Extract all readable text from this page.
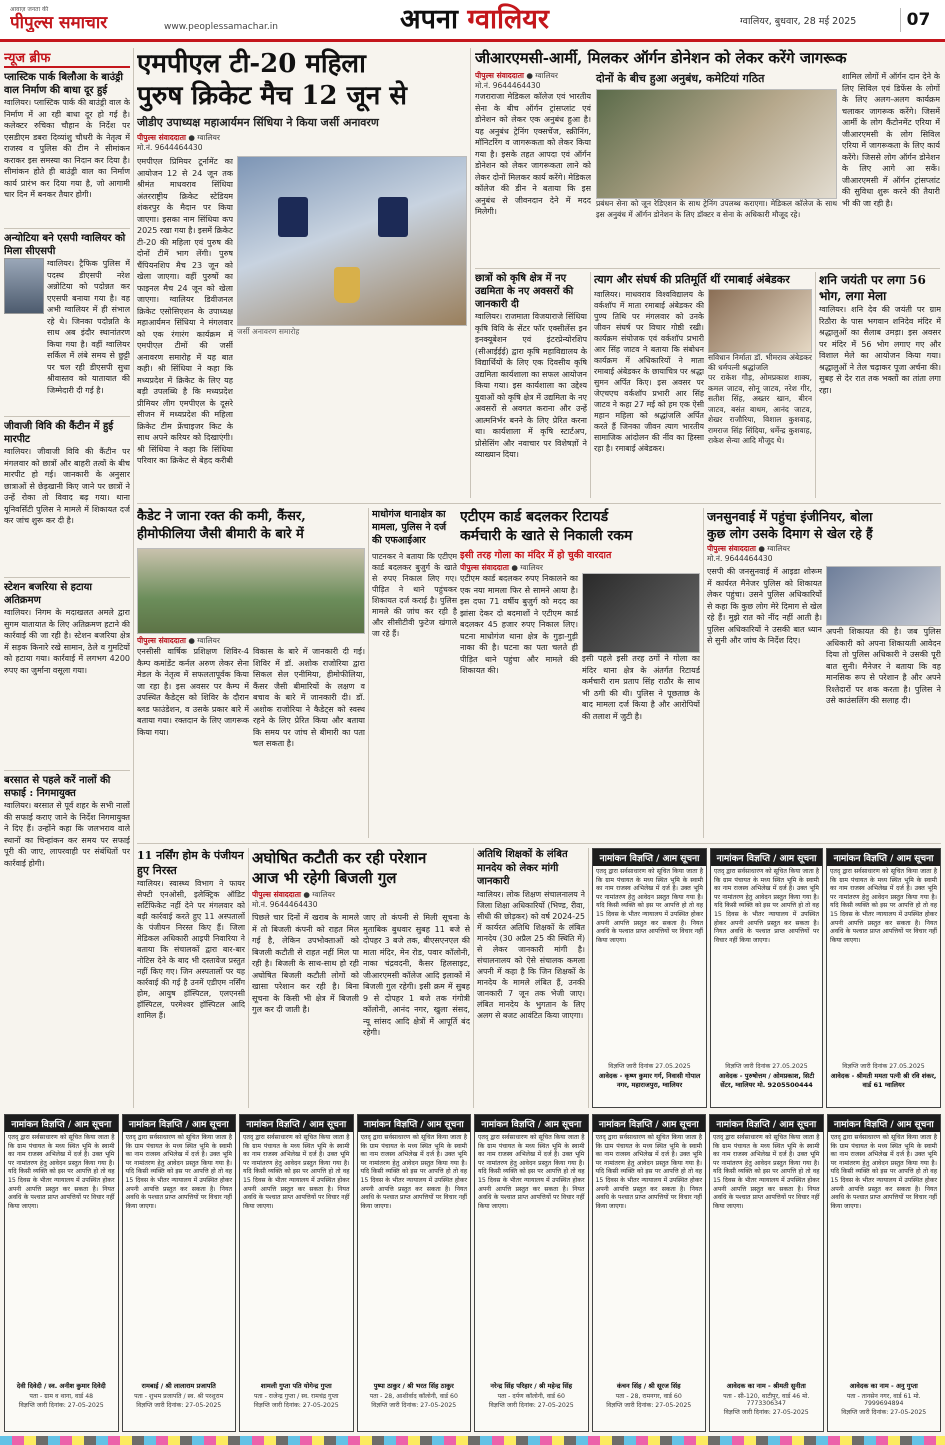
आवाज़ जनता की
पीपुल्स समाचार	www.peoplessamachar.in	अपना ग्वालियर	ग्वालियर, बुधवार, 28 मई 2025	07
न्यूज ब्रीफ
प्लास्टिक पार्क बिलौआ के बाउंड्री वाल निर्माण की बाधा दूर हुई
ग्वालियर। प्लास्टिक पार्क की बाउंड्री वाल के निर्माण में आ रही बाधा दूर हो गई है। कलेक्टर रुचिका चौहान के निर्देश पर एसडीएम डबरा दिव्यांशु चौधरी के नेतृत्व में राजस्व व पुलिस की टीम ने सीमांकन कराकर इस समस्या का निदान कर दिया है। सीमांकन होते ही बाउंड्री वाल का निर्माण कार्य प्रारंभ कर दिया गया है, जो आगामी चार दिन में बनकर तैयार होगी।
अन्योटिया बने एसपी ग्वालियर को मिला सीएसपी
ग्वालियर। ट्रैफिक पुलिस में पदस्थ डीएसपी नरेश अन्नोटिया को पदोन्नत कर एएसपी बनाया गया है। वह अभी ग्वालियर में ही संभाल रहे थे। जिनका पदोन्नति के साथ अब इंदौर स्थानांतरण किया गया है। वहीं ग्वालियर सर्किल में लंबे समय से छुट्टी पर चल रही डीएसपी सुधा श्रीवास्तव को यातायात की जिम्मेदारी दी गई है।
जीवाजी विवि की कैंटीन में हुई मारपीट
ग्वालियर। जीवाजी विवि की कैंटीन पर मंगलवार को छात्रों और बाहरी तत्वों के बीच मारपीट हो गई। जानकारी के अनुसार छात्राओं से छेड़खानी किए जाने पर छात्रों ने उन्हें रोका तो विवाद बढ़ गया। थाना यूनिवर्सिटी पुलिस ने मामले में शिकायत दर्ज कर जांच शुरू कर दी है।
स्टेशन बजरिया से हटाया अतिक्रमण
ग्वालियर। निगम के मदाखलत अमले द्वारा सुगम यातायात के लिए अतिक्रमण हटाने की कार्रवाई की जा रही है। स्टेशन बजरिया क्षेत्र में सड़क किनारे रखे सामान, ठेले व गुमटियों को हटाया गया। कार्रवाई में लगभग 4200 रुपए का जुर्माना वसूला गया।
बरसात से पहले करें नालों की सफाई : निगमायुक्त
ग्वालियर। बरसात से पूर्व शहर के सभी नालों की सफाई कराए जाने के निर्देश निगमायुक्त ने दिए हैं। उन्होंने कहा कि जलभराव वाले स्थानों का चिन्हांकन कर समय पर सफाई पूरी की जाए, लापरवाही पर संबंधितों पर कार्रवाई होगी।
एमपीएल टी-20 महिला
पुरुष क्रिकेट मैच 12 जून से
जीडीए उपाध्यक्ष महाआर्यमन सिंधिया ने किया जर्सी अनावरण
पीपुल्स संवाददाता ● ग्वालियर
मो.नं. 9644464430
एमपीएल प्रिमियर टूर्नामेंट का आयोजन 12 से 24 जून तक श्रीमंत माधवराव सिंधिया अंतरराष्ट्रीय क्रिकेट स्टेडियम शंकरपुर के मैदान पर किया जाएगा। इसका नाम सिंधिया कप 2025 रखा गया है। इसमें क्रिकेट टी-20 की महिला एवं पुरुष की दोनों टीमें भाग लेंगी। पुरुष चैंपियनशिप मैच 23 जून को खेला जाएगा। वहीं पुरुषों का फाइनल मैच 24 जून को खेला जाएगा। ग्वालियर डिवीजनल क्रिकेट एसोसिएशन के उपाध्यक्ष महाआर्यमन सिंधिया ने मंगलवार को एक रंगारंग कार्यक्रम में एमपीएल टीमों की जर्सी अनावरण समारोह में यह बात कही। श्री सिंधिया ने कहा कि मध्यप्रदेश में क्रिकेट के लिए यह बड़ी उपलब्धि है कि मध्यप्रदेश प्रीमियर लीग एमपीएल के दूसरे सीजन में मध्यप्रदेश की महिला क्रिकेट टीम फ्रेंचाइजर किट के साथ अपने करियर को दिखाएंगी। श्री सिंधिया ने कहा कि सिंधिया परिवार का क्रिकेट से बेहद करीबी
जर्सी अनावरण समारोह
जीआरएमसी-आर्मी, मिलकर ऑर्गन डोनेशन को लेकर करेंगे जागरूक
पीपुल्स संवाददाता ● ग्वालियर
मो.नं. 9644464430
गजराराजा मेडिकल कॉलेज एवं भारतीय सेना के बीच ऑर्गन ट्रांसप्लांट एवं डोनेशन को लेकर एक अनुबंध हुआ है। यह अनुबंध ट्रेनिंग एक्सचेंज, स्क्रीनिंग, मॉनिटरिंग व जागरूकता को लेकर किया गया है। इसके तहत आपदा एवं ऑर्गन डोनेशन को लेकर जागरूकता लाने को लेकर दोनों मिलकर कार्य करेंगे। मेडिकल कॉलेज की डीन ने बताया कि इस अनुबंध से जीवनदान देने में मदद मिलेगी।
दोनों के बीच हुआ अनुबंध, कमेटियां गठित
प्रबंधन सेना को जून रेडिएशन के साथ ट्रेनिंग उपलब्ध कराएगा। मेडिकल कॉलेज के साथ इस अनुबंध में ऑर्गन डोनेशन के लिए डॉक्टर व सेना के अधिकारी मौजूद रहे।
शामिल लोगों में ऑर्गन दान देने के लिए सिविल एवं डिफेंस के लोगों के लिए अलग-अलग कार्यक्रम चलाकर जागरूक करेंगे। जिसमें आर्मी के लोग कैंटोनमेंट एरिया में जीआरएमसी के लोग सिविल एरिया में जागरूकता के लिए कार्य करेंगे। जिससे लोग ऑर्गन डोनेशन के लिए आगे आ सकें। जीआरएमसी में ऑर्गन ट्रांसप्लांट की सुविधा शुरू करने की तैयारी भी की जा रही है।
छात्रों को कृषि क्षेत्र में नए उद्यमिता के नए अवसरों की जानकारी दी
ग्वालियर। राजमाता विजयाराजे सिंधिया कृषि विवि के सेंटर फॉर एक्सीलेंस इन इनक्यूबेशन एवं इंटरप्रेन्योरशिप (सीआईईई) द्वारा कृषि महाविद्यालय के विद्यार्थियों के लिए एक दिवसीय कृषि उद्यमिता कार्यशाला का सफल आयोजन किया गया। इस कार्यशाला का उद्देश्य युवाओं को कृषि क्षेत्र में उद्यमिता के नए अवसरों से अवगत कराना और उन्हें आत्मनिर्भर बनने के लिए प्रेरित करना था। कार्यशाला में कृषि स्टार्टअप, प्रोसेसिंग और नवाचार पर विशेषज्ञों ने व्याख्यान दिया।
त्याग और संघर्ष की प्रतिमूर्ति थीं रमाबाई अंबेडकर
ग्वालियर। माधवराव विश्वविद्यालय के वर्कशॉप में माता रमाबाई अंबेडकर की पुण्य तिथि पर मंगलवार को उनके जीवन संघर्ष पर विचार गोष्ठी रखी। कार्यक्रम संयोजक एवं वर्कशॉप प्रभारी आर सिंह जाटव ने बताया कि संबोधन कार्यक्रम में अधिकारियों ने माता रमाबाई अंबेडकर के छायाचित्र पर श्रद्धा सुमन अर्पित किए। इस अवसर पर जेएचएच वर्कशॉप प्रभारी आर सिंह जाटव ने कहा 27 मई को हम एक ऐसी महान महिला को श्रद्धांजलि अर्पित करते हैं जिनका जीवन त्याग भारतीय सामाजिक आंदोलन की नींव का हिस्सा रहा है। रमाबाई अंबेडकर।
सविधान निर्माता डॉ. भीमराव अंबेडकर की धर्मपत्नी श्रद्धांजलि
पर राकेश गौड़, ओमप्रकाश शाक्य, कमल जाटव, सोनू जाटव, नरेश गीर, सतीश सिंह, अख्तर खान, बीरन जाटव, बसंत बाथम, आनंद जाटव, शेखर राजौरिया, विशाल कुशवाह, रामराज सिंह सिंदिया, धर्मेन्द्र कुशवाह, राकेश सेन्या आदि मौजूद थे।
शनि जयंती पर लगा 56 भोग, लगा मेला
ग्वालियर। शनि देव की जयंती पर ग्राम रिठौरा के पास भगवान शनिदेव मंदिर में श्रद्धालुओं का सैलाब उमड़ा। इस अवसर पर मंदिर में 56 भोग लगाए गए और विशाल मेले का आयोजन किया गया। श्रद्धालुओं ने तेल चढ़ाकर पूजा अर्चना की। सुबह से देर रात तक भक्तों का तांता लगा रहा।
कैडेट ने जाना रक्त की कमी, कैंसर,
हीमोफीलिया जैसी बीमारी के बारे में
पीपुल्स संवाददाता ● ग्वालियर
एनसीसी वार्षिक प्रशिक्षण शिविर-4 कैम्प कमांडेंट कर्नल अरुण लेकर सेना मेडल के नेतृत्व में सफलतापूर्वक किया जा रहा है। इस अवसर पर कैम्प में उपस्थित कैडेट्स को शिविर के दौरान ब्लड फाउंडेशन, व उसके प्रकार बारे में बताया गया। रक्तदान के लिए जागरूक किया गया।
विकास के बारे में जानकारी दी गई। शिविर में डॉ. अशोक राजोरिया द्वारा सिकल सेल एनीमिया, हीमोफीलिया, कैंसर जैसी बीमारियों के लक्षण व बचाव के बारे में जानकारी दी। डॉ. अशोक राजोरिया ने कैडेट्स को स्वस्थ रहने के लिए प्रेरित किया और बताया कि समय पर जांच से बीमारी का पता चल सकता है।
माधोगंज थानाक्षेत्र का मामला, पुलिस ने दर्ज की एफआईआर
पाटनकर ने बताया कि एटीएम कार्ड बदलकर बुजुर्ग के खाते से रुपए निकाल लिए गए। पीड़ित ने थाने पहुंचकर शिकायत दर्ज कराई है। पुलिस मामले की जांच कर रही है और सीसीटीवी फुटेज खंगाले जा रहे हैं।
एटीएम कार्ड बदलकर रिटायर्ड
कर्मचारी के खाते से निकाली रकम
इसी तरह गोला का मंदिर में हो चुकी वारदात
पीपुल्स संवाददाता ● ग्वालियर
एटीएम कार्ड बदलकर रुपए निकालने का एक नया मामला फिर से सामने आया है। इस दफा 71 वर्षीय बुजुर्ग को मदद का झांसा देकर दो बदमाशों ने एटीएम कार्ड बदलकर 45 हजार रुपए निकाल लिए। घटना माधोगंज थाना क्षेत्र के गुड़ा-गुड़ी नाका की है। घटना का पता चलते ही पीड़ित थाने पहुंचा और मामले की शिकायत की।
इसी पहले इसी तरह ठगों ने गोला का मंदिर थाना क्षेत्र के अंतर्गत रिटायर्ड कर्मचारी राम प्रताप सिंह राठौर के साथ भी ठगी की थी। पुलिस ने पूछताछ के बाद मामला दर्ज किया है और आरोपियों की तलाश में जुटी है।
जनसुनवाई में पहुंचा इंजीनियर, बोला
कुछ लोग उसके दिमाग से खेल रहे हैं
पीपुल्स संवाददाता ● ग्वालियर
मो.नं. 9644464430
एसपी की जनसुनवाई में आइडा शोरूम में कार्यरत मैनेजर पुलिस को शिकायत लेकर पहुंचा। उसने पुलिस अधिकारियों से कहा कि कुछ लोग मेरे दिमाग से खेल रहे हैं। मुझे रात को नींद नहीं आती है। पुलिस अधिकारियों ने उसकी बात ध्यान से सुनी और जांच के निर्देश दिए।
अपनी शिकायत की है। जब पुलिस अधिकारी को अपना शिकायती आवेदन दिया तो पुलिस अधिकारी ने उसकी पूरी बात सुनी। मैनेजर ने बताया कि वह मानसिक रूप से परेशान है और अपने रिश्तेदारों पर शक करता है। पुलिस ने उसे काउंसलिंग की सलाह दी।
11 नर्सिंग होम के पंजीयन हुए निरस्त
ग्वालियर। स्वास्थ्य विभाग ने फायर सेफ्टी एनओसी, इलेक्ट्रिक ऑडिट सर्टिफिकेट नहीं देने पर मंगलवार को बड़ी कार्रवाई करते हुए 11 अस्पतालों के पंजीयन निरस्त किए हैं। जिला मेडिकल अधिकारी आइपी निवारिया ने बताया कि संचालकों द्वारा बार-बार नोटिस देने के बाद भी दस्तावेज प्रस्तुत नहीं किए गए। जिन अस्पतालों पर यह कार्रवाई की गई है उनमें एडीएम नर्सिंग होम, आयुष हॉस्पिटल, एलएनसी हॉस्पिटल, परमेश्वर हॉस्पिटल आदि शामिल हैं।
अघोषित कटौती कर रही परेशान
आज भी रहेगी बिजली गुल
पीपुल्स संवाददाता ● ग्वालियर
मो.नं. 9644464430
पिछले चार दिनों में खराब के मामले में तो बिजली कंपनी को राहत मिल गई है, लेकिन उपभोक्ताओं को बिजली कटौती से राहत नहीं मिल पा रही है। बिजली के साथ-साथ हो रही अघोषित बिजली कटौती लोगों को खासा परेशान कर रही है। बिना सूचना के किसी भी क्षेत्र में बिजली गुल कर दी जाती है।
जाए तो कंपनी से मिली सूचना के मुताबिक बुधवार सुबह 11 बजे से दोपहर 3 बजे तक, बीएसएनएल की माता मंदिर, मेन रोड, पवार कॉलोनी, नाका चंद्रवदनी, कैसर हिलसाइट, जीआरएमसी कॉलेज आदि इलाकों में बिजली गुल रहेगी। इसी क्रम में सुबह 9 से दोपहर 1 बजे तक गंगोत्री कॉलोनी, आनंद नगर, खुला संसद, न्यू सांसद आदि क्षेत्रों में आपूर्ति बंद रहेगी।
अतिथि शिक्षकों के लंबित मानदेय को लेकर मांगी जानकारी
ग्वालियर। लोक शिक्षण संचालनालय ने जिला शिक्षा अधिकारियों (भिण्ड, रीवा, सीधी की छोड़कर) को वर्ष 2024-25 में कार्यरत अतिथि शिक्षकों के लंबित मानदेय (30 अप्रैल 25 की स्थिति में) से लेकर जानकारी मांगी है। संचालनालय को ऐसे संचालक कमला अपनी में कहा है कि जिन शिक्षकों के मानदेय के मामले लंबित हैं, उनकी जानकारी 7 जून तक भेजी जाए। लंबित मानदेय के भुगतान के लिए अलग से बजट आवंटित किया जाएगा।
नामांकन विज्ञप्ति / आम सूचना
एतद् द्वारा सर्वसाधारण को सूचित किया जाता है कि ग्राम पंचायत के मध्य स्थित भूमि के स्वामी का नाम राजस्व अभिलेख में दर्ज है। उक्त भूमि पर नामांतरण हेतु आवेदन प्रस्तुत किया गया है। यदि किसी व्यक्ति को इस पर आपत्ति हो तो वह 15 दिवस के भीतर न्यायालय में उपस्थित होकर अपनी आपत्ति प्रस्तुत कर सकता है। नियत अवधि के पश्चात प्राप्त आपत्तियों पर विचार नहीं किया जाएगा।
विज्ञप्ति जारी दिनांक 27.05.2025
आवेदक - कृष्ण कुमार गर्ग, निवासी गोपाल नगर, महाराजपुरा, ग्वालियर
नामांकन विज्ञप्ति / आम सूचना
एतद् द्वारा सर्वसाधारण को सूचित किया जाता है कि ग्राम पंचायत के मध्य स्थित भूमि के स्वामी का नाम राजस्व अभिलेख में दर्ज है। उक्त भूमि पर नामांतरण हेतु आवेदन प्रस्तुत किया गया है। यदि किसी व्यक्ति को इस पर आपत्ति हो तो वह 15 दिवस के भीतर न्यायालय में उपस्थित होकर अपनी आपत्ति प्रस्तुत कर सकता है। नियत अवधि के पश्चात प्राप्त आपत्तियों पर विचार नहीं किया जाएगा।
विज्ञप्ति जारी दिनांक 27.05.2025
आवेदक - पुरुषोत्तम / ओमप्रकाश, सिटी सेंटर, ग्वालियर मो. 9205500444
नामांकन विज्ञप्ति / आम सूचना
एतद् द्वारा सर्वसाधारण को सूचित किया जाता है कि ग्राम पंचायत के मध्य स्थित भूमि के स्वामी का नाम राजस्व अभिलेख में दर्ज है। उक्त भूमि पर नामांतरण हेतु आवेदन प्रस्तुत किया गया है। यदि किसी व्यक्ति को इस पर आपत्ति हो तो वह 15 दिवस के भीतर न्यायालय में उपस्थित होकर अपनी आपत्ति प्रस्तुत कर सकता है। नियत अवधि के पश्चात प्राप्त आपत्तियों पर विचार नहीं किया जाएगा।
विज्ञप्ति जारी दिनांक 27.05.2025
आवेदक - श्रीमती ममता पत्नी श्री रवि शंकर, वार्ड 61 ग्वालियर
नामांकन विज्ञप्ति / आम सूचना
एतद् द्वारा सर्वसाधारण को सूचित किया जाता है कि ग्राम पंचायत के मध्य स्थित भूमि के स्वामी का नाम राजस्व अभिलेख में दर्ज है। उक्त भूमि पर नामांतरण हेतु आवेदन प्रस्तुत किया गया है। यदि किसी व्यक्ति को इस पर आपत्ति हो तो वह 15 दिवस के भीतर न्यायालय में उपस्थित होकर अपनी आपत्ति प्रस्तुत कर सकता है। नियत अवधि के पश्चात प्राप्त आपत्तियों पर विचार नहीं किया जाएगा।
देवी दिवेदी / स्व. अनीश कुमार दिवेदी
पता - ग्राम व थाना, वार्ड 48
विज्ञप्ति जारी दिनांक: 27-05-2025
नामांकन विज्ञप्ति / आम सूचना
एतद् द्वारा सर्वसाधारण को सूचित किया जाता है कि ग्राम पंचायत के मध्य स्थित भूमि के स्वामी का नाम राजस्व अभिलेख में दर्ज है। उक्त भूमि पर नामांतरण हेतु आवेदन प्रस्तुत किया गया है। यदि किसी व्यक्ति को इस पर आपत्ति हो तो वह 15 दिवस के भीतर न्यायालय में उपस्थित होकर अपनी आपत्ति प्रस्तुत कर सकता है। नियत अवधि के पश्चात प्राप्त आपत्तियों पर विचार नहीं किया जाएगा।
रामबाई / श्री लालाराम प्रजापति
पता - शुभम प्रजापति / स्व. श्री परशुराम
विज्ञप्ति जारी दिनांक: 27-05-2025
नामांकन विज्ञप्ति / आम सूचना
एतद् द्वारा सर्वसाधारण को सूचित किया जाता है कि ग्राम पंचायत के मध्य स्थित भूमि के स्वामी का नाम राजस्व अभिलेख में दर्ज है। उक्त भूमि पर नामांतरण हेतु आवेदन प्रस्तुत किया गया है। यदि किसी व्यक्ति को इस पर आपत्ति हो तो वह 15 दिवस के भीतर न्यायालय में उपस्थित होकर अपनी आपत्ति प्रस्तुत कर सकता है। नियत अवधि के पश्चात प्राप्त आपत्तियों पर विचार नहीं किया जाएगा।
शामली गुप्ता पति योगेन्द्र गुप्ता
पता - राजेन्द्र गुप्ता / स्व. रामचंद्र गुप्ता
विज्ञप्ति जारी दिनांक: 27-05-2025
नामांकन विज्ञप्ति / आम सूचना
एतद् द्वारा सर्वसाधारण को सूचित किया जाता है कि ग्राम पंचायत के मध्य स्थित भूमि के स्वामी का नाम राजस्व अभिलेख में दर्ज है। उक्त भूमि पर नामांतरण हेतु आवेदन प्रस्तुत किया गया है। यदि किसी व्यक्ति को इस पर आपत्ति हो तो वह 15 दिवस के भीतर न्यायालय में उपस्थित होकर अपनी आपत्ति प्रस्तुत कर सकता है। नियत अवधि के पश्चात प्राप्त आपत्तियों पर विचार नहीं किया जाएगा।
पुष्पा ठाकुर / श्री भरत सिंह ठाकुर
पता - 28, आशीर्वाद कॉलोनी, वार्ड 60
विज्ञप्ति जारी दिनांक: 27-05-2025
नामांकन विज्ञप्ति / आम सूचना
एतद् द्वारा सर्वसाधारण को सूचित किया जाता है कि ग्राम पंचायत के मध्य स्थित भूमि के स्वामी का नाम राजस्व अभिलेख में दर्ज है। उक्त भूमि पर नामांतरण हेतु आवेदन प्रस्तुत किया गया है। यदि किसी व्यक्ति को इस पर आपत्ति हो तो वह 15 दिवस के भीतर न्यायालय में उपस्थित होकर अपनी आपत्ति प्रस्तुत कर सकता है। नियत अवधि के पश्चात प्राप्त आपत्तियों पर विचार नहीं किया जाएगा।
नरेन्द्र सिंह परिहार / श्री महेन्द्र सिंह
पता - दर्पण कॉलोनी, वार्ड 60
विज्ञप्ति जारी दिनांक: 27-05-2025
नामांकन विज्ञप्ति / आम सूचना
एतद् द्वारा सर्वसाधारण को सूचित किया जाता है कि ग्राम पंचायत के मध्य स्थित भूमि के स्वामी का नाम राजस्व अभिलेख में दर्ज है। उक्त भूमि पर नामांतरण हेतु आवेदन प्रस्तुत किया गया है। यदि किसी व्यक्ति को इस पर आपत्ति हो तो वह 15 दिवस के भीतर न्यायालय में उपस्थित होकर अपनी आपत्ति प्रस्तुत कर सकता है। नियत अवधि के पश्चात प्राप्त आपत्तियों पर विचार नहीं किया जाएगा।
कंचन सिंह / श्री सूरज सिंह
पता - 28, रामनगर, वार्ड 60
विज्ञप्ति जारी दिनांक: 27-05-2025
नामांकन विज्ञप्ति / आम सूचना
एतद् द्वारा सर्वसाधारण को सूचित किया जाता है कि ग्राम पंचायत के मध्य स्थित भूमि के स्वामी का नाम राजस्व अभिलेख में दर्ज है। उक्त भूमि पर नामांतरण हेतु आवेदन प्रस्तुत किया गया है। यदि किसी व्यक्ति को इस पर आपत्ति हो तो वह 15 दिवस के भीतर न्यायालय में उपस्थित होकर अपनी आपत्ति प्रस्तुत कर सकता है। नियत अवधि के पश्चात प्राप्त आपत्तियों पर विचार नहीं किया जाएगा।
आवेदक का नाम - श्रीमती सुनीता
पता - सी-120, थाटीपुर, वार्ड 46 मो. 7773306347
विज्ञप्ति जारी दिनांक: 27-05-2025
नामांकन विज्ञप्ति / आम सूचना
एतद् द्वारा सर्वसाधारण को सूचित किया जाता है कि ग्राम पंचायत के मध्य स्थित भूमि के स्वामी का नाम राजस्व अभिलेख में दर्ज है। उक्त भूमि पर नामांतरण हेतु आवेदन प्रस्तुत किया गया है। यदि किसी व्यक्ति को इस पर आपत्ति हो तो वह 15 दिवस के भीतर न्यायालय में उपस्थित होकर अपनी आपत्ति प्रस्तुत कर सकता है। नियत अवधि के पश्चात प्राप्त आपत्तियों पर विचार नहीं किया जाएगा।
आवेदक का नाम - अनु गुप्ता
पता - तानसेन नगर, वार्ड 61 मो. 7999694894
विज्ञप्ति जारी दिनांक: 27-05-2025
